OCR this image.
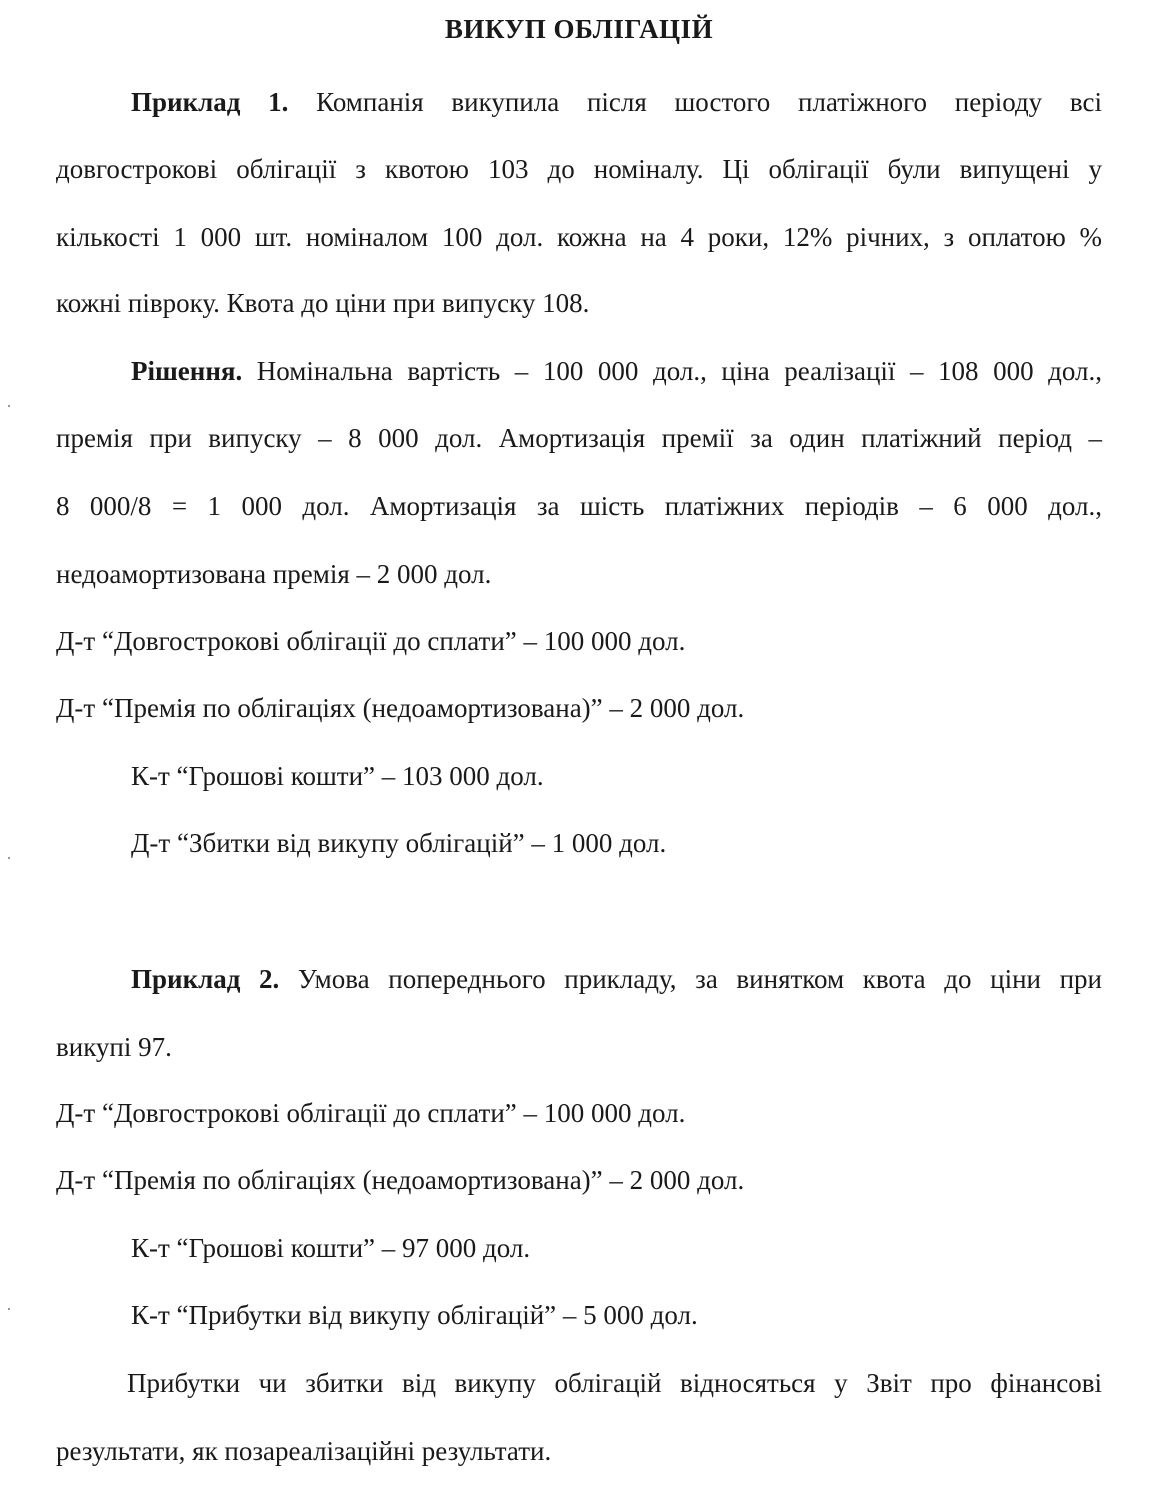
ВИКУП ОБЛІГАЦІЙ
Приклад 1. Компанія викупила після шостого платіжного періоду всі
довгострокові облігації з квотою 103 до номіналу. Ці облігації були випущені у
кількості 1 000 шт. номіналом 100 дол. кожна на 4 роки, 12% річних, з оплатою %
кожні півроку. Квота до ціни при випуску 108.
Рішення. Номінальна вартість – 100 000 дол., ціна реалізації – 108 000 дол.,
премія при випуску – 8 000 дол. Амортизація премії за один платіжний період –
8 000/8 = 1 000 дол. Амортизація за шість платіжних періодів – 6 000 дол.,
недоамортизована премія – 2 000 дол.
Д-т “Довгострокові облігації до сплати” – 100 000 дол.
Д-т “Премія по облігаціях (недоамортизована)” – 2 000 дол.
К-т “Грошові кошти” – 103 000 дол.
Д-т “Збитки від викупу облігацій” – 1 000 дол.
Приклад 2. Умова попереднього прикладу, за винятком квота до ціни при
викупі 97.
Д-т “Довгострокові облігації до сплати” – 100 000 дол.
Д-т “Премія по облігаціях (недоамортизована)” – 2 000 дол.
К-т “Грошові кошти” – 97 000 дол.
К-т “Прибутки від викупу облігацій” – 5 000 дол.
Прибутки чи збитки від викупу облігацій відносяться у Звіт про фінансові
результати, як позареалізаційні результати.
